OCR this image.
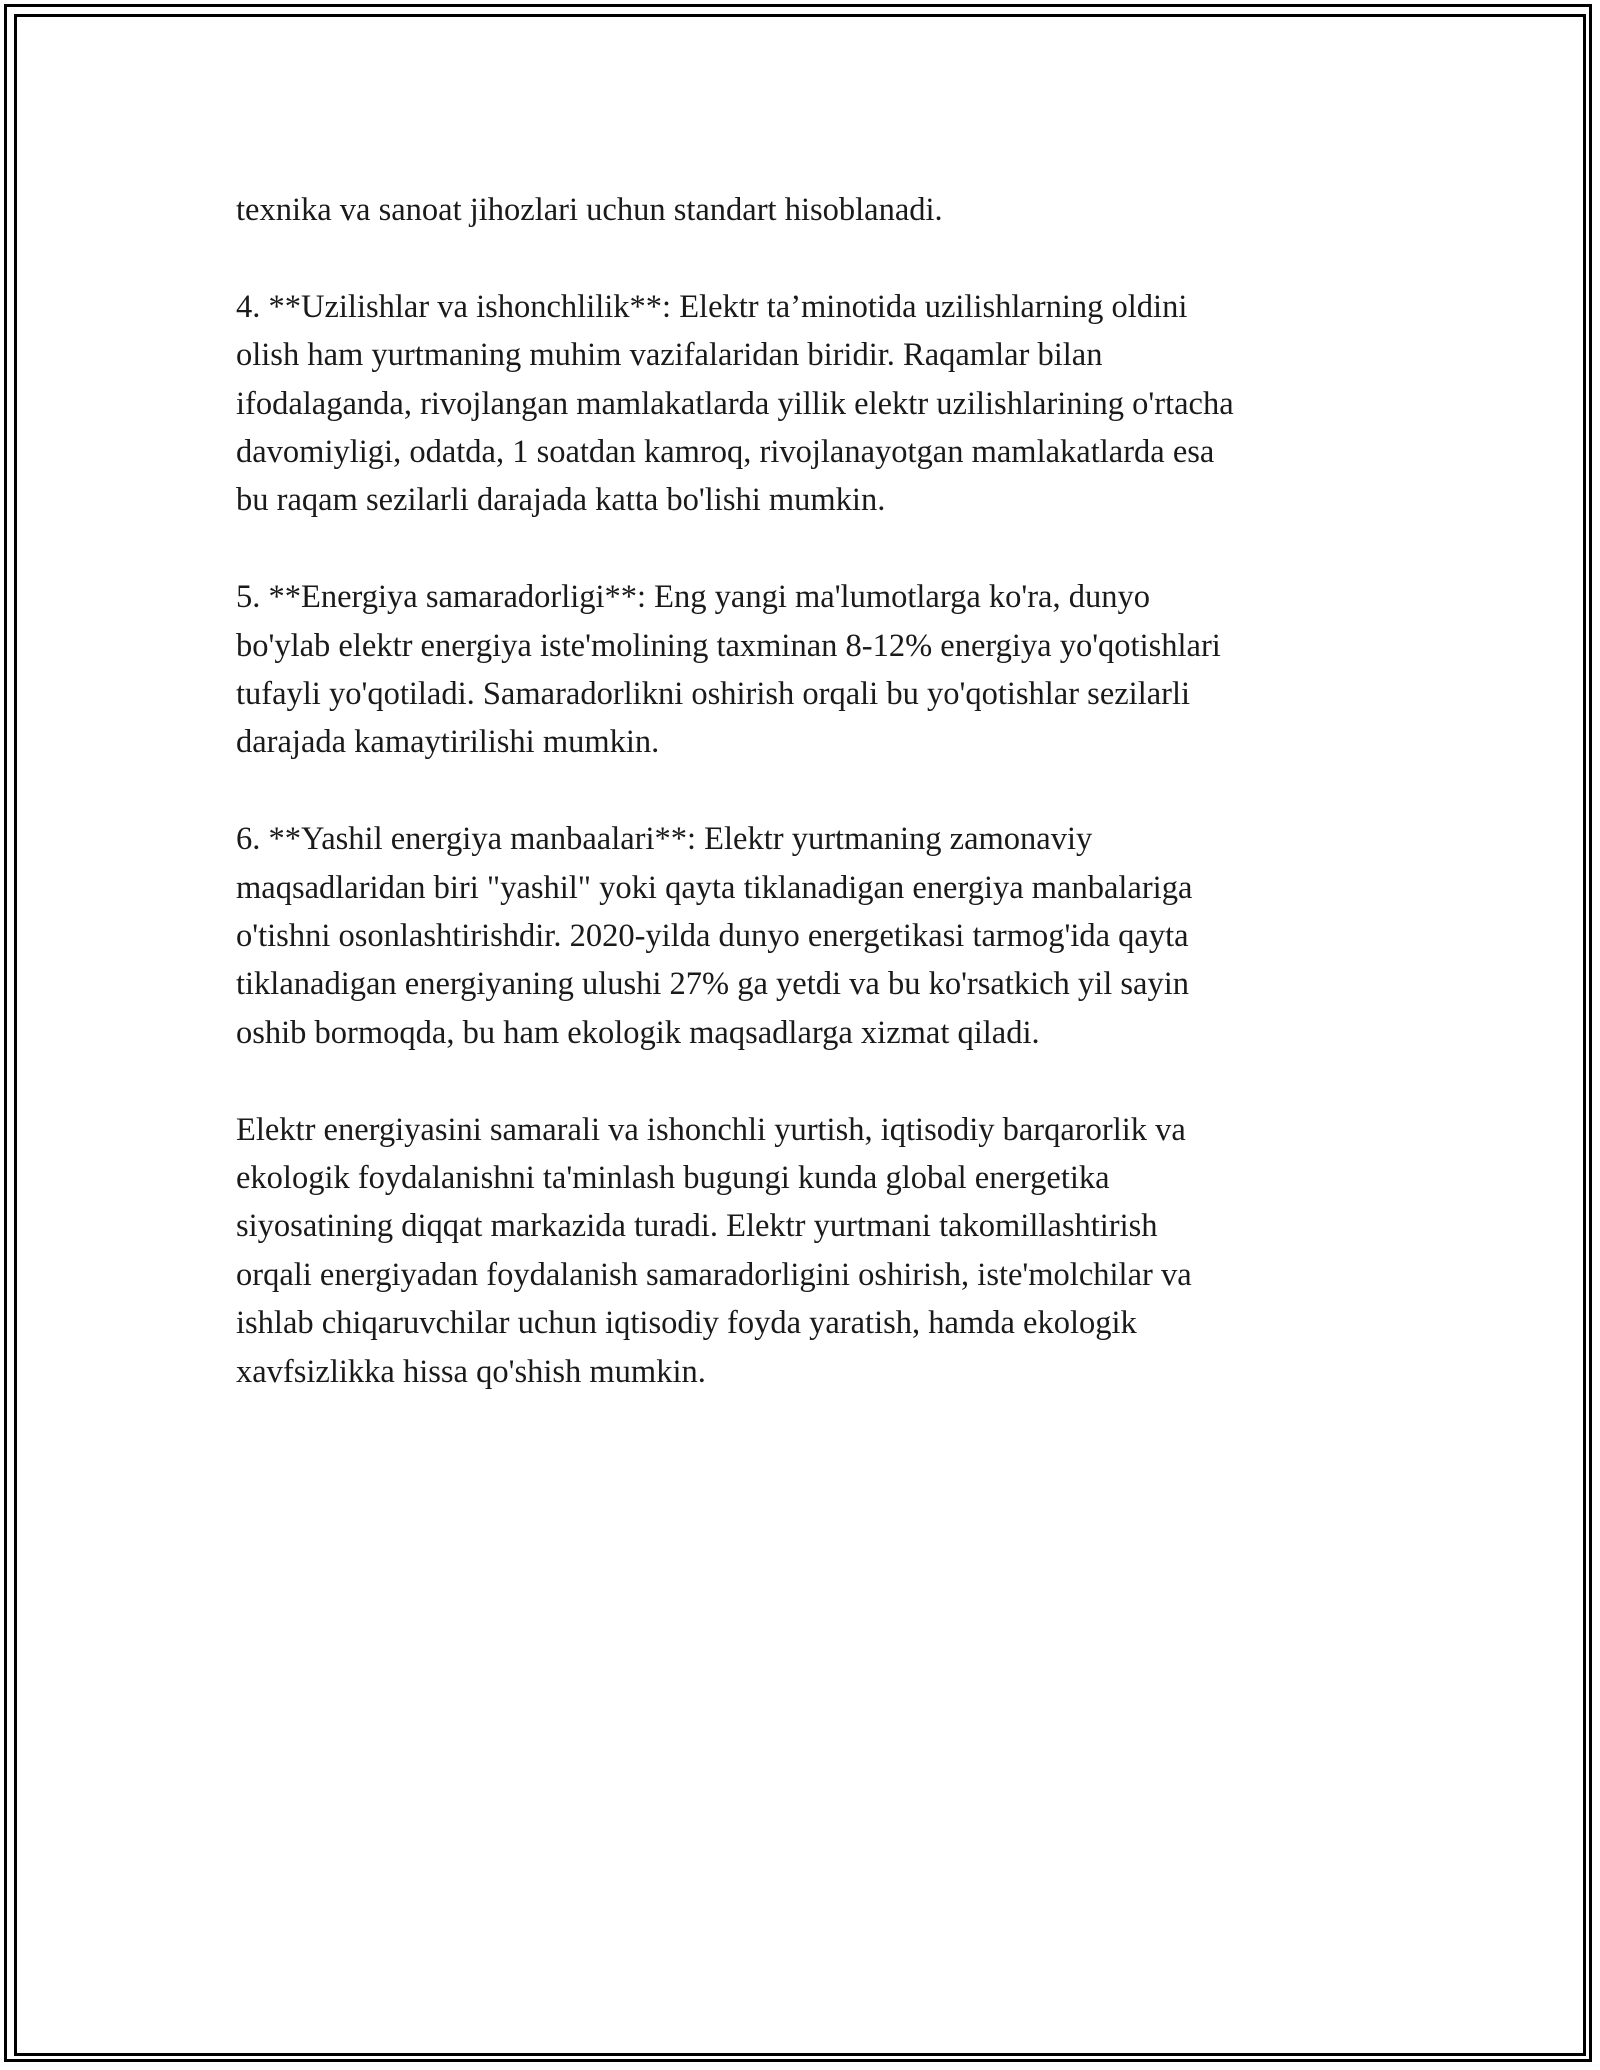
texnika va sanoat jihozlari uchun standart hisoblanadi.

4. **Uzilishlar va ishonchlilik**: Elektr ta’minotida uzilishlarning oldini
olish ham yurtmaning muhim vazifalaridan biridir. Raqamlar bilan
ifodalaganda, rivojlangan mamlakatlarda yillik elektr uzilishlarining o'rtacha
davomiyligi, odatda, 1 soatdan kamroq, rivojlanayotgan mamlakatlarda esa
bu raqam sezilarli darajada katta bo'lishi mumkin.

5. **Energiya samaradorligi**: Eng yangi ma'lumotlarga ko'ra, dunyo
bo'ylab elektr energiya iste'molining taxminan 8-12% energiya yo'qotishlari
tufayli yo'qotiladi. Samaradorlikni oshirish orqali bu yo'qotishlar sezilarli
darajada kamaytirilishi mumkin.

6. **Yashil energiya manbaalari**: Elektr yurtmaning zamonaviy
maqsadlaridan biri "yashil" yoki qayta tiklanadigan energiya manbalariga
o'tishni osonlashtirishdir. 2020-yilda dunyo energetikasi tarmog'ida qayta
tiklanadigan energiyaning ulushi 27% ga yetdi va bu ko'rsatkich yil sayin
oshib bormoqda, bu ham ekologik maqsadlarga xizmat qiladi.

Elektr energiyasini samarali va ishonchli yurtish, iqtisodiy barqarorlik va
ekologik foydalanishni ta'minlash bugungi kunda global energetika
siyosatining diqqat markazida turadi. Elektr yurtmani takomillashtirish
orqali energiyadan foydalanish samaradorligini oshirish, iste'molchilar va
ishlab chiqaruvchilar uchun iqtisodiy foyda yaratish, hamda ekologik
xavfsizlikka hissa qo'shish mumkin.
